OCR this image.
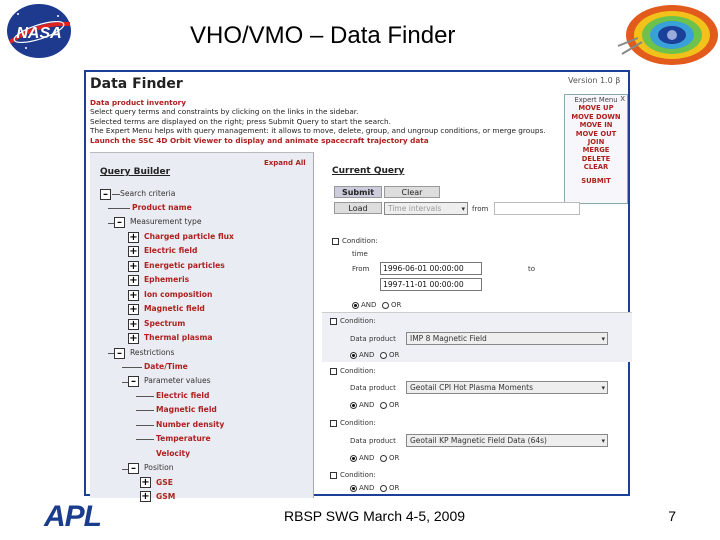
NASA	VHO/VMO – Data Finder
Data Finder	Version 1.0 β
Data product inventory
Select query terms and constraints by clicking on the links in the sidebar.
Selected terms are displayed on the right; press Submit Query to start the search.
The Expert Menu helps with query management: it allows to move, delete, group, and ungroup conditions, or merge groups.
Launch the SSC 4D Orbit Viewer to display and animate spacecraft trajectory data
X
Expert Menu
MOVE UP
MOVE DOWN
MOVE IN
MOVE OUT
JOIN
MERGE
DELETE
CLEAR
SUBMIT
Query Builder
Expand All
–	Search criteria
Product name
–	Measurement type
+ Charged particle flux
+ Electric field
+ Energetic particles
+ Ephemeris
+ Ion composition
+ Magnetic field
+ Spectrum
+ Thermal plasma
–	Restrictions
Date/Time
–	Parameter values
Electric field
Magnetic field
Number density
Temperature
Velocity
–	Position
+ GSE
+ GSM
Current Query
Submit	Clear
Load	Time intervals	▾ from
Condition:
time
From	1996-06-01 00:00:00	to
1997-11-01 00:00:00
AND OR
Condition:
Data product	IMP 8 Magnetic Field	▾
AND OR
Condition:
Data product	Geotail CPI Hot Plasma Moments	▾
AND OR
Condition:
Data product	Geotail KP Magnetic Field Data (64s)	▾
AND OR
Condition:
AND OR
APL	RBSP SWG March 4-5, 2009	7
